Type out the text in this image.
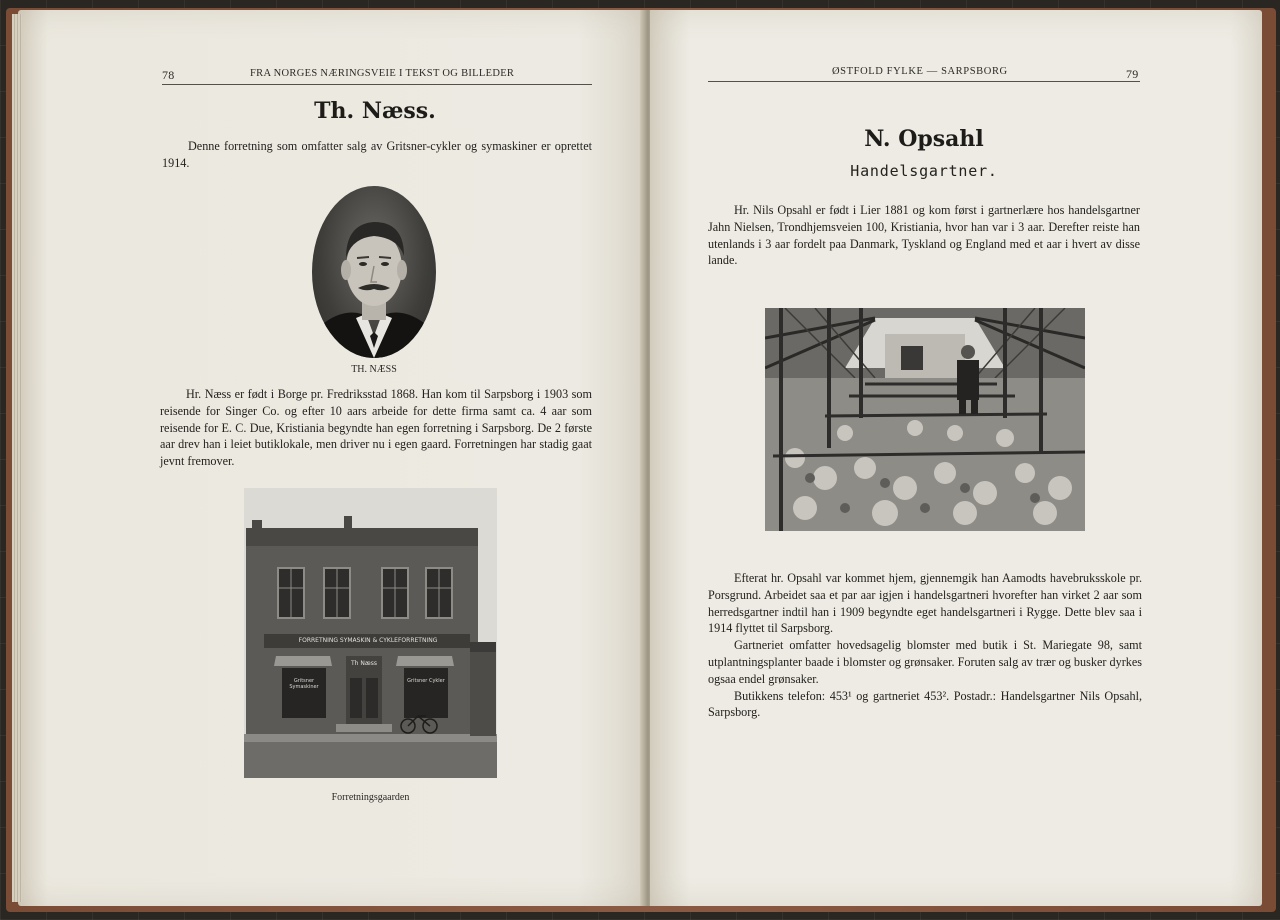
78	FRA NORGES NÆRINGSVEIE I TEKST OG BILLEDER
Th. Næss.

Denne forretning som omfatter salg av Gritsner-cykler og symaskiner er oprettet 1914.

TH. NÆSS

Hr. Næss er født i Borge pr. Fredriksstad 1868. Han kom til Sarpsborg i 1903 som reisende for Singer Co. og efter 10 aars arbeide for dette firma samt ca. 4 aar som reisende for E. C. Due, Kristiania begyndte han egen forretning i Sarpsborg. De 2 første aar drev han i leiet butiklokale, men driver nu i egen gaard. Forretningen har stadig gaat jevnt fremover.

FORRETNING SYMASKIN & CYKLEFORRETNING
Th Næss
Gritsner Symaskiner
Gritsner Cykler
Forretningsgaarden
ØSTFOLD FYLKE — SARPSBORG	79
N. Opsahl
Handelsgartner.

Hr. Nils Opsahl er født i Lier 1881 og kom først i gartnerlære hos handelsgartner Jahn Nielsen, Trondhjemsveien 100, Kristiania, hvor han var i 3 aar. Derefter reiste han utenlands i 3 aar fordelt paa Danmark, Tyskland og England med et aar i hvert av disse lande.

Efterat hr. Opsahl var kommet hjem, gjennemgik han Aamodts havebruksskole pr. Porsgrund. Arbeidet saa et par aar igjen i handelsgartneri hvorefter han virket 2 aar som herredsgartner indtil han i 1909 begyndte eget handelsgartneri i Rygge. Dette blev saa i 1914 flyttet til Sarpsborg.

Gartneriet omfatter hovedsagelig blomster med butik i St. Mariegate 98, samt utplantningsplanter baade i blomster og grønsaker. Foruten salg av trær og busker dyrkes ogsaa endel grønsaker.

Butikkens telefon: 453¹ og gartneriet 453². Postadr.: Handelsgartner Nils Opsahl, Sarpsborg.
